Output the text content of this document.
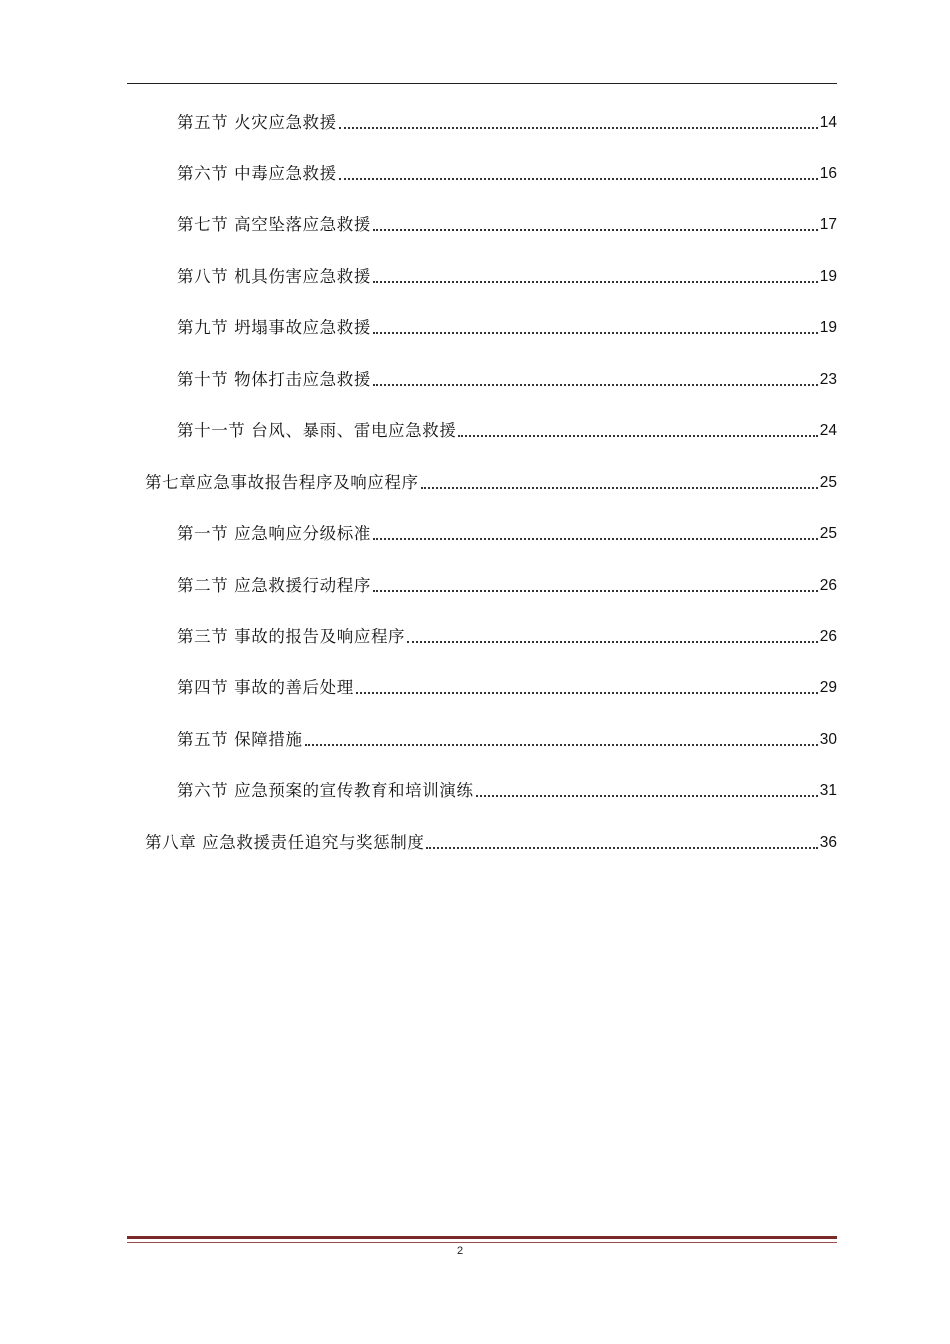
第五节 火灾应急救援	14
第六节 中毒应急救援	16
第七节 高空坠落应急救援	17
第八节 机具伤害应急救援	19
第九节 坍塌事故应急救援	19
第十节 物体打击应急救援	23
第十一节 台风、暴雨、雷电应急救援	24
第七章应急事故报告程序及响应程序	25
第一节 应急响应分级标准	25
第二节 应急救援行动程序	26
第三节 事故的报告及响应程序	26
第四节 事故的善后处理	29
第五节 保障措施	30
第六节 应急预案的宣传教育和培训演练	31
第八章 应急救援责任追究与奖惩制度	36
2
